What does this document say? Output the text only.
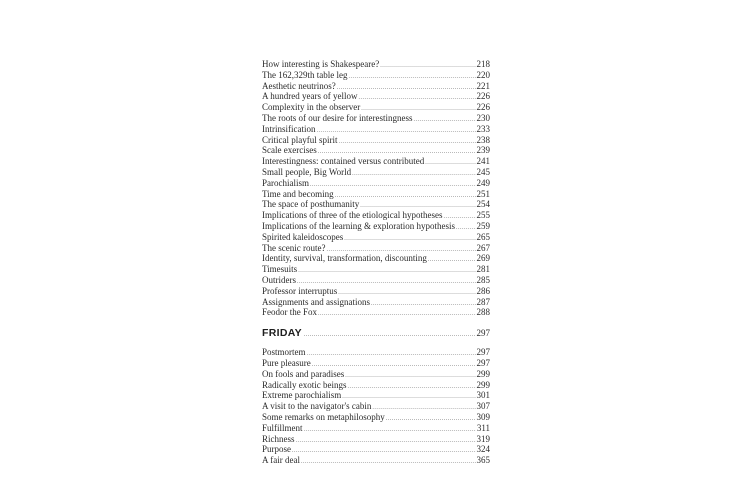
How interesting is Shakespeare? .....	218
The 162,329th table leg .....	220
Aesthetic neutrinos? .....	221
A hundred years of yellow .....	226
Complexity in the observer .....	226
The roots of our desire for interestingness .....	230
Intrinsification .....	233
Critical playful spirit .....	238
Scale exercises .....	239
Interestingness: contained versus contributed .....	241
Small people, Big World .....	245
Parochialism .....	249
Time and becoming .....	251
The space of posthumanity .....	254
Implications of three of the etiological hypotheses .....	255
Implications of the learning & exploration hypothesis ..... 259
Spirited kaleidoscopes .....	265
The scenic route? .....	267
Identity, survival, transformation, discounting .....	269
Timesuits .....	281
Outriders .....	285
Professor interruptus .....	286
Assignments and assignations .....	287
Feodor the Fox .....	288
FRIDAY .....	297
Postmortem .....	297
Pure pleasure .....	297
On fools and paradises .....	299
Radically exotic beings .....	299
Extreme parochialism .....	301
A visit to the navigator's cabin .....	307
Some remarks on metaphilosophy .....	309
Fulfillment .....	311
Richness .....	319
Purpose .....	324
A fair deal .....	365
